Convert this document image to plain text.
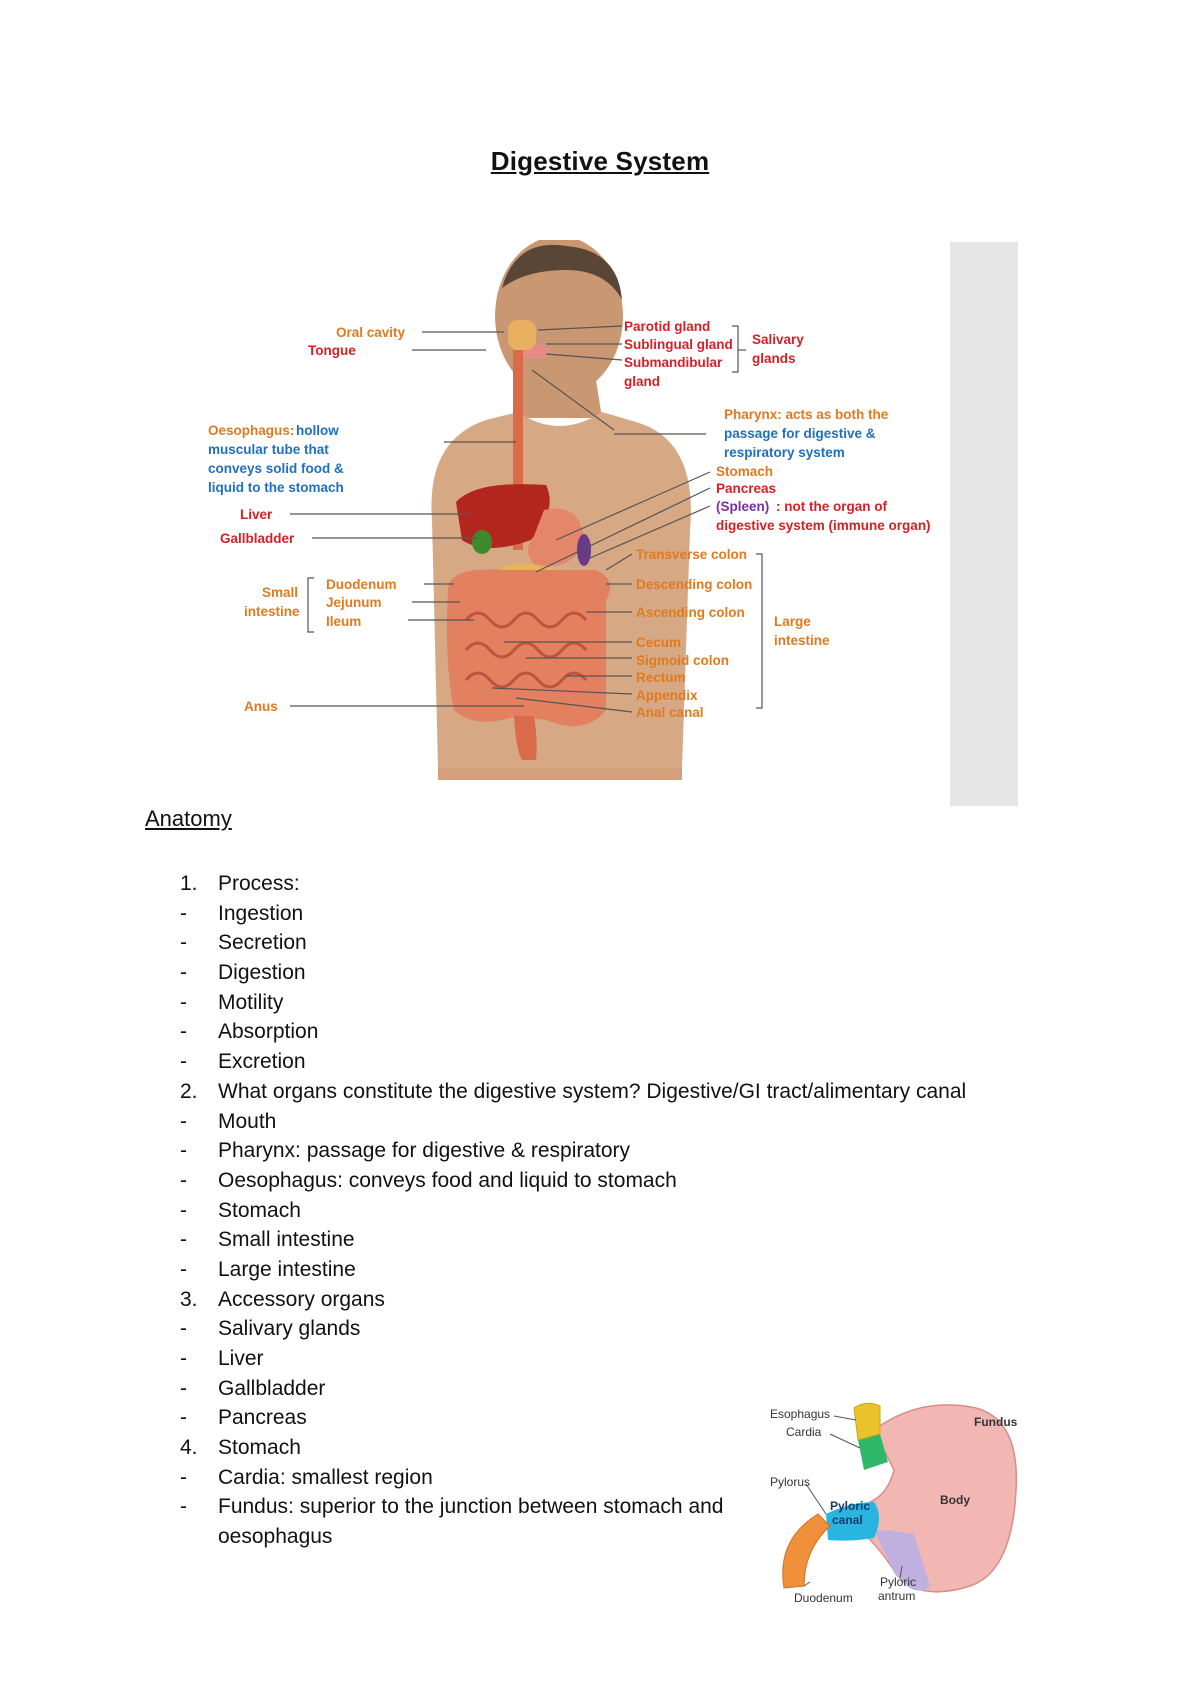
Digestive System
Oral cavity
Tongue
Oesophagus: hollow
muscular tube that
conveys solid food &
liquid to the stomach
Liver
Gallbladder
Small
intestine
Duodenum
Jejunum
Ileum
Anus
Parotid gland
Sublingual gland
Submandibular
gland
Salivary
glands
Pharynx: acts as both the
passage for digestive &
respiratory system
Stomach
Pancreas
(Spleen) : not the organ of
digestive system (immune organ)
Transverse colon
Descending colon
Ascending colon
Cecum
Sigmoid colon
Rectum
Appendix
Anal canal
Large
intestine
Anatomy
1. Process:
-	Ingestion
-	Secretion
-	Digestion
-	Motility
-	Absorption
-	Excretion
2. What organs constitute the digestive system? Digestive/GI tract/alimentary canal
-	Mouth
-	Pharynx: passage for digestive & respiratory
-	Oesophagus: conveys food and liquid to stomach
-	Stomach
-	Small intestine
-	Large intestine
3. Accessory organs
-	Salivary glands
-	Liver
-	Gallbladder
-	Pancreas
4. Stomach
-	Cardia: smallest region
-	Fundus: superior to the junction between stomach and oesophagus
Esophagus
Cardia
Fundus
Pylorus
Pyloric
canal
Body
Duodenum
Pyloric
antrum
